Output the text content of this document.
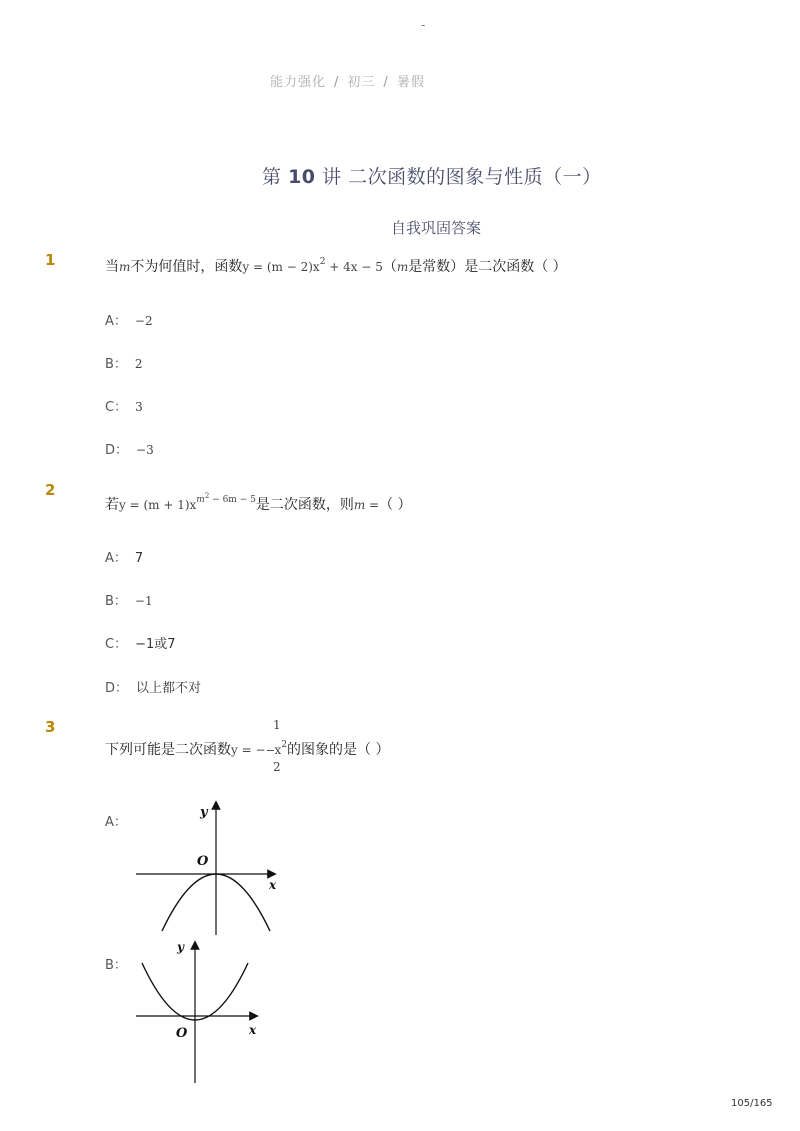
-
能力强化 / 初三 / 暑假
第 10 讲 二次函数的图象与性质（一）
自我巩固答案
1	当m不为何值时，函数$y = (m - 2)x^2 + 4x - 5(m$是常数）是二次函数（ ）
A： −2
B： 2
C： 3
D： −3
2
若$y = (m + 1)x^{m^2 - 6m - 5}$是二次函数，则m =（ ）
A： 7
B： −1
C： −1或7
D： 以上都不对
3	1
下列可能是二次函数y = − $x^2$的图象的是（ ）
2
A：
y
x
O
B：
y
x
O
105/165
